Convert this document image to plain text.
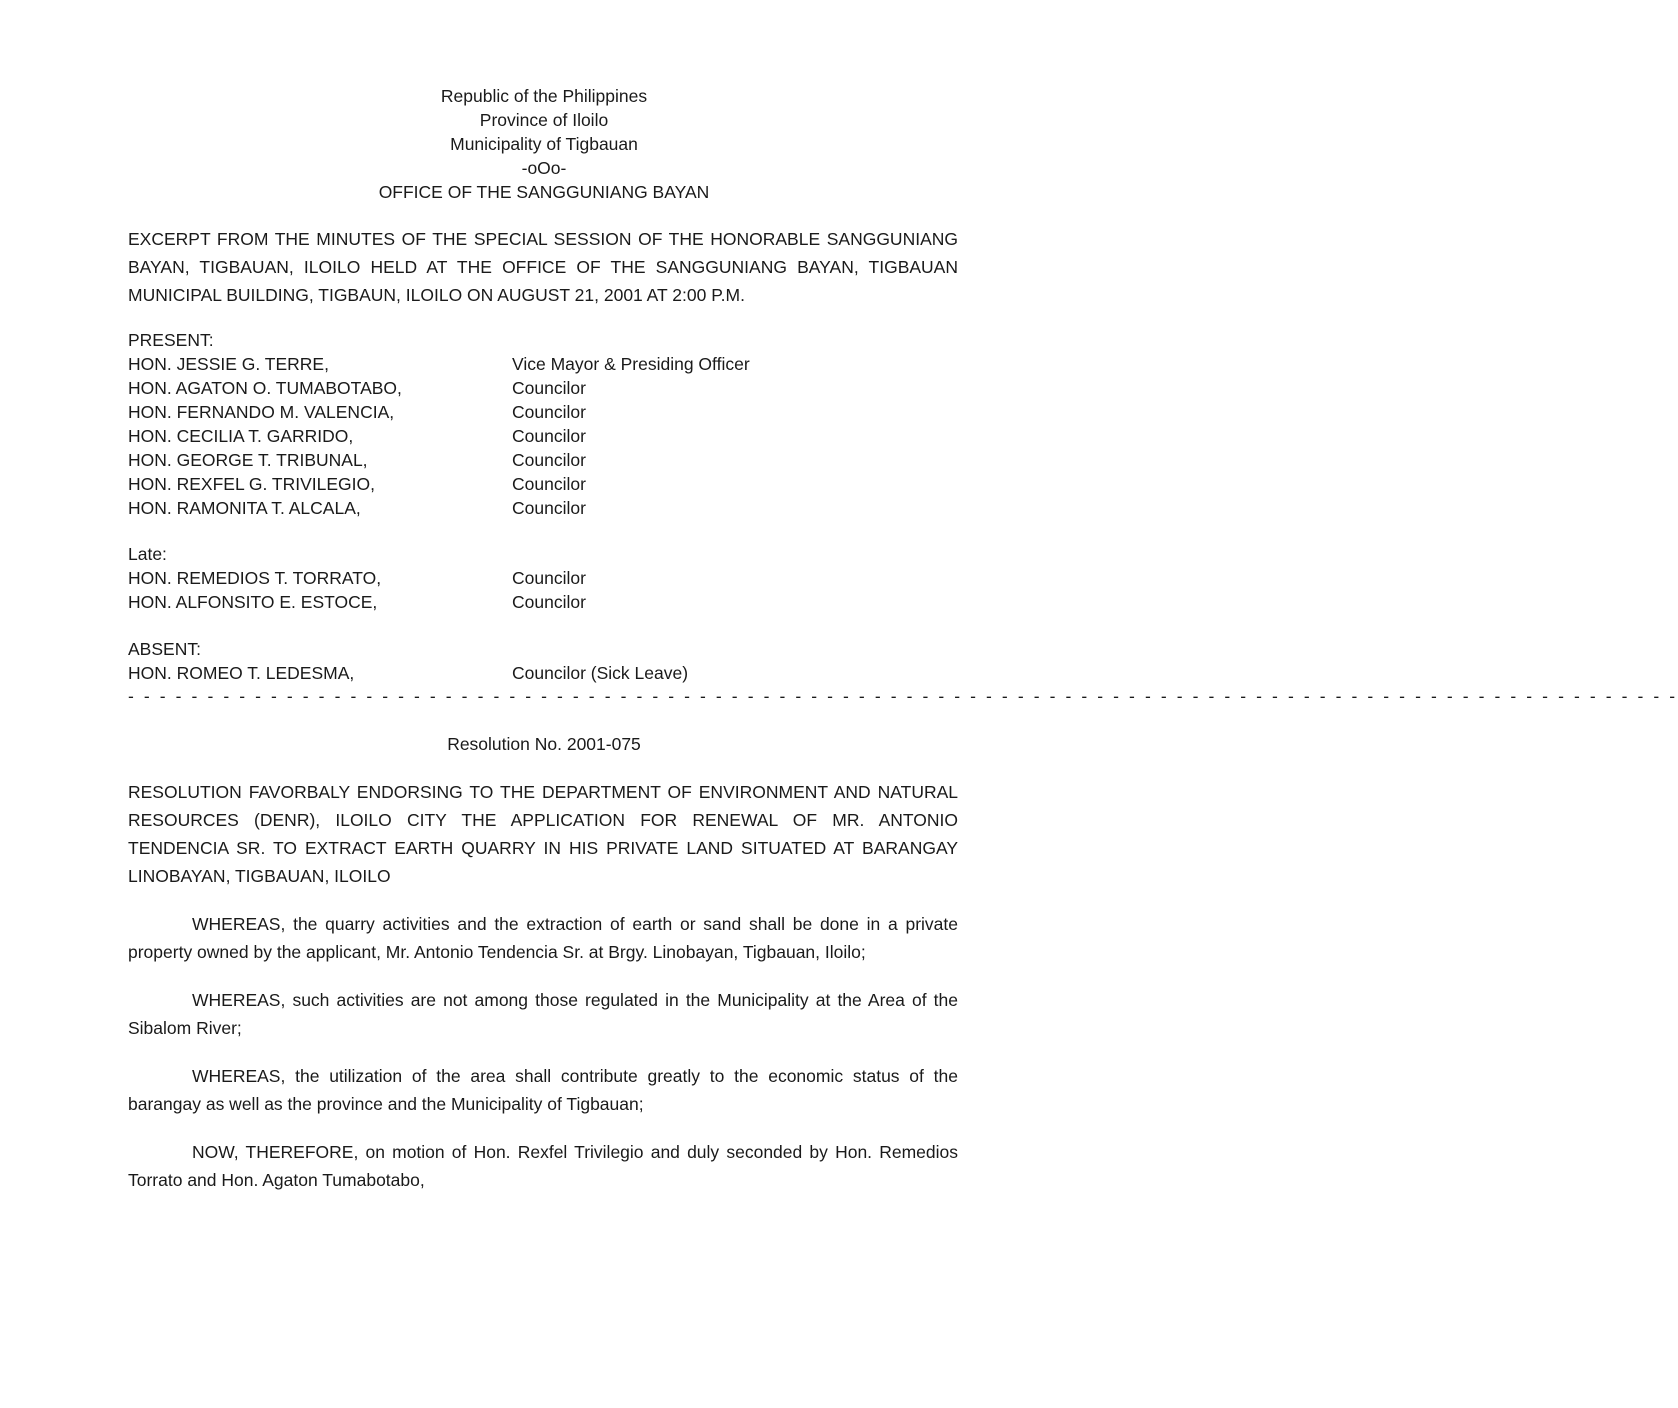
Republic of the Philippines
Province of Iloilo
Municipality of Tigbauan
-oOo-
OFFICE OF THE SANGGUNIANG BAYAN
EXCERPT FROM THE MINUTES OF THE SPECIAL SESSION OF THE HONORABLE SANGGUNIANG BAYAN, TIGBAUAN, ILOILO HELD AT THE OFFICE OF THE SANGGUNIANG BAYAN, TIGBAUAN MUNICIPAL BUILDING, TIGBAUN, ILOILO ON AUGUST 21, 2001 AT 2:00 P.M.
PRESENT:
HON. JESSIE G. TERRE,	Vice Mayor & Presiding Officer
HON. AGATON O. TUMABOTABO,	Councilor
HON. FERNANDO M. VALENCIA,	Councilor
HON. CECILIA T. GARRIDO,	Councilor
HON. GEORGE T. TRIBUNAL,	Councilor
HON. REXFEL G. TRIVILEGIO,	Councilor
HON. RAMONITA T. ALCALA,	Councilor
Late:
HON. REMEDIOS T. TORRATO,	Councilor
HON. ALFONSITO E. ESTOCE,	Councilor
ABSENT:
HON. ROMEO T. LEDESMA,	Councilor (Sick Leave)
- - - - - - - - - - - - - - - - - - - - - - - - - - - - - - - - - - - - - - - - - - - - - - - - - - - - - - - - - - - - - - - - - - - - - - - - - - - - - - - - - - - - - - - - - - - - - - - - - -
Resolution No. 2001-075
RESOLUTION FAVORBALY ENDORSING TO THE DEPARTMENT OF ENVIRONMENT AND NATURAL RESOURCES (DENR), ILOILO CITY THE APPLICATION FOR RENEWAL OF MR. ANTONIO TENDENCIA SR. TO EXTRACT EARTH QUARRY IN HIS PRIVATE LAND SITUATED AT BARANGAY LINOBAYAN, TIGBAUAN, ILOILO
WHEREAS, the quarry activities and the extraction of earth or sand shall be done in a private property owned by the applicant, Mr. Antonio Tendencia Sr. at Brgy. Linobayan, Tigbauan, Iloilo;
WHEREAS, such activities are not among those regulated in the Municipality at the Area of the Sibalom River;
WHEREAS, the utilization of the area shall contribute greatly to the economic status of the barangay as well as the province and the Municipality of Tigbauan;
NOW, THEREFORE, on motion of Hon. Rexfel Trivilegio and duly seconded by Hon. Remedios Torrato and Hon. Agaton Tumabotabo,
